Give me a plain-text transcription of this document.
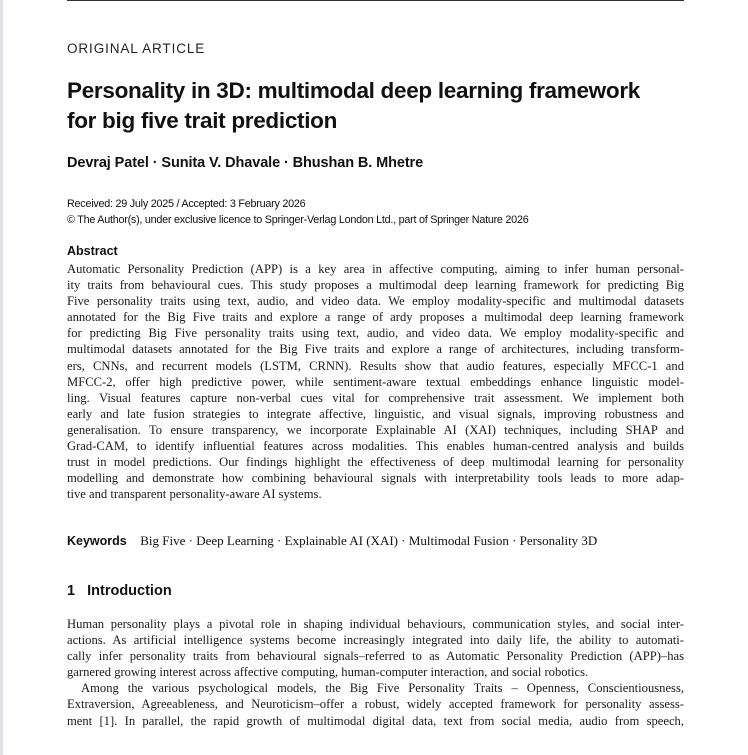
ORIGINAL ARTICLE
Personality in 3D: multimodal deep learning framework
for big five trait prediction
Devraj Patel · Sunita V. Dhavale · Bhushan B. Mhetre
Received: 29 July 2025 / Accepted: 3 February 2026
© The Author(s), under exclusive licence to Springer-Verlag London Ltd., part of Springer Nature 2026
Abstract

Automatic Personality Prediction (APP) is a key area in affective computing, aiming to infer human personal-
ity traits from behavioural cues. This study proposes a multimodal deep learning framework for predicting Big
Five personality traits using text, audio, and video data. We employ modality-specific and multimodal datasets
annotated for the Big Five traits and explore a range of ardy proposes a multimodal deep learning framework
for predicting Big Five personality traits using text, audio, and video data. We employ modality-specific and
multimodal datasets annotated for the Big Five traits and explore a range of architectures, including transform-
ers, CNNs, and recurrent models (LSTM, CRNN). Results show that audio features, especially MFCC-1 and
MFCC-2, offer high predictive power, while sentiment-aware textual embeddings enhance linguistic model-
ling. Visual features capture non-verbal cues vital for comprehensive trait assessment. We implement both
early and late fusion strategies to integrate affective, linguistic, and visual signals, improving robustness and
generalisation. To ensure transparency, we incorporate Explainable AI (XAI) techniques, including SHAP and
Grad-CAM, to identify influential features across modalities. This enables human-centred analysis and builds
trust in model predictions. Our findings highlight the effectiveness of deep multimodal learning for personality
modelling and demonstrate how combining behavioural signals with interpretability tools leads to more adap-
tive and transparent personality-aware AI systems.

Keywords Big Five · Deep Learning · Explainable AI (XAI) · Multimodal Fusion · Personality 3D
1 Introduction

Human personality plays a pivotal role in shaping individual behaviours, communication styles, and social inter-
actions. As artificial intelligence systems become increasingly integrated into daily life, the ability to automati-
cally infer personality traits from behavioural signals–referred to as Automatic Personality Prediction (APP)–has
garnered growing interest across affective computing, human-computer interaction, and social robotics.
Among the various psychological models, the Big Five Personality Traits – Openness, Conscientiousness,
Extraversion, Agreeableness, and Neuroticism–offer a robust, widely accepted framework for personality assess-
ment [1]. In parallel, the rapid growth of multimodal digital data, text from social media, audio from speech,
